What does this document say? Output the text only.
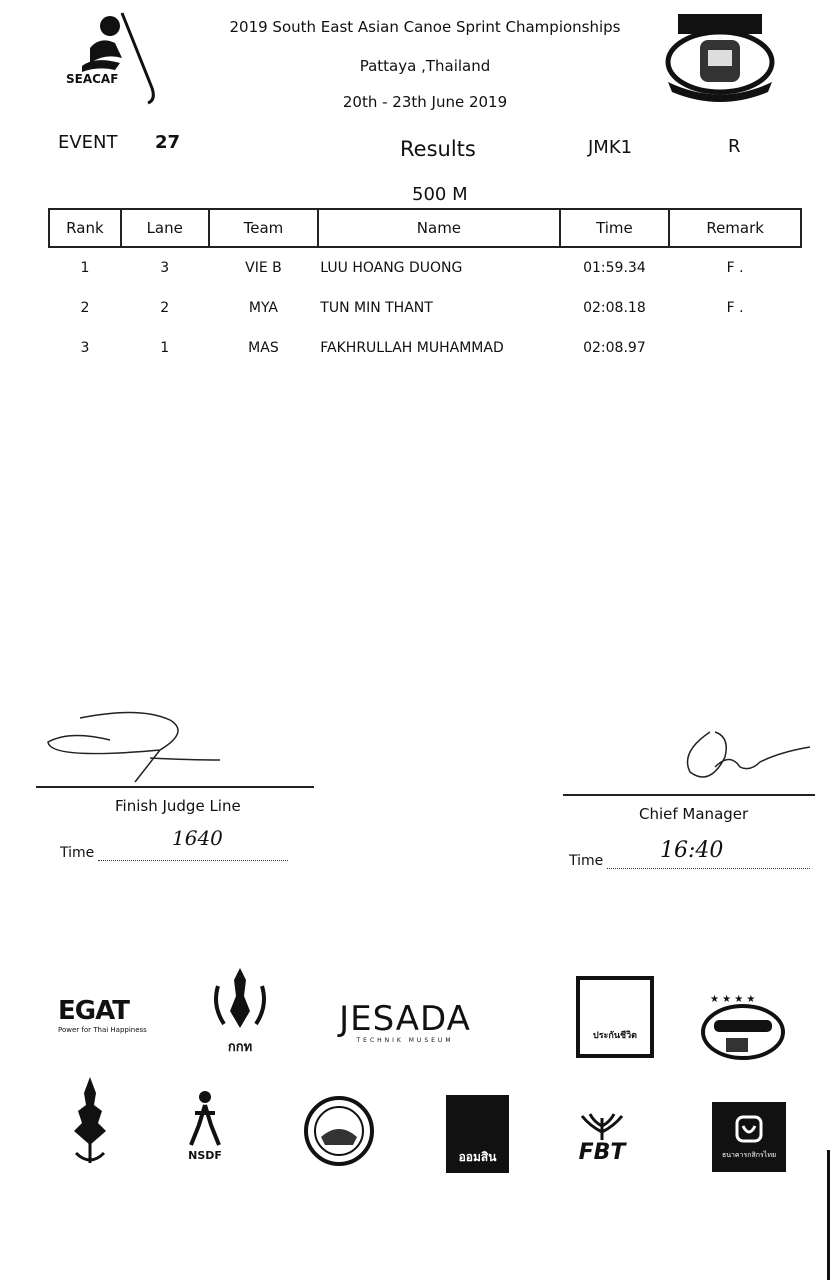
SEACAF
2019 South East Asian Canoe Sprint Championships
Pattaya ,Thailand
20th - 23th June 2019
EVENT 27	Results	JMK1	R
500 M
Rank	Lane	Team	Name	Time	Remark
1	3	VIE B	LUU HOANG DUONG	01:59.34	F .
2	2	MYA	TUN MIN THANT	02:08.18	F .
3	1	MAS	FAKHRULLAH MUHAMMAD	02:08.97	
Finish Judge Line
Time
1640
Chief Manager
Time	16:40
EGAT
Power for Thai Happiness
กกท
JESADA
TECHNIK MUSEUM	ประกันชีวิต
★ ★ ★ ★
NSDF	ออมสิน	FBT	ธนาคารกสิกรไทย
